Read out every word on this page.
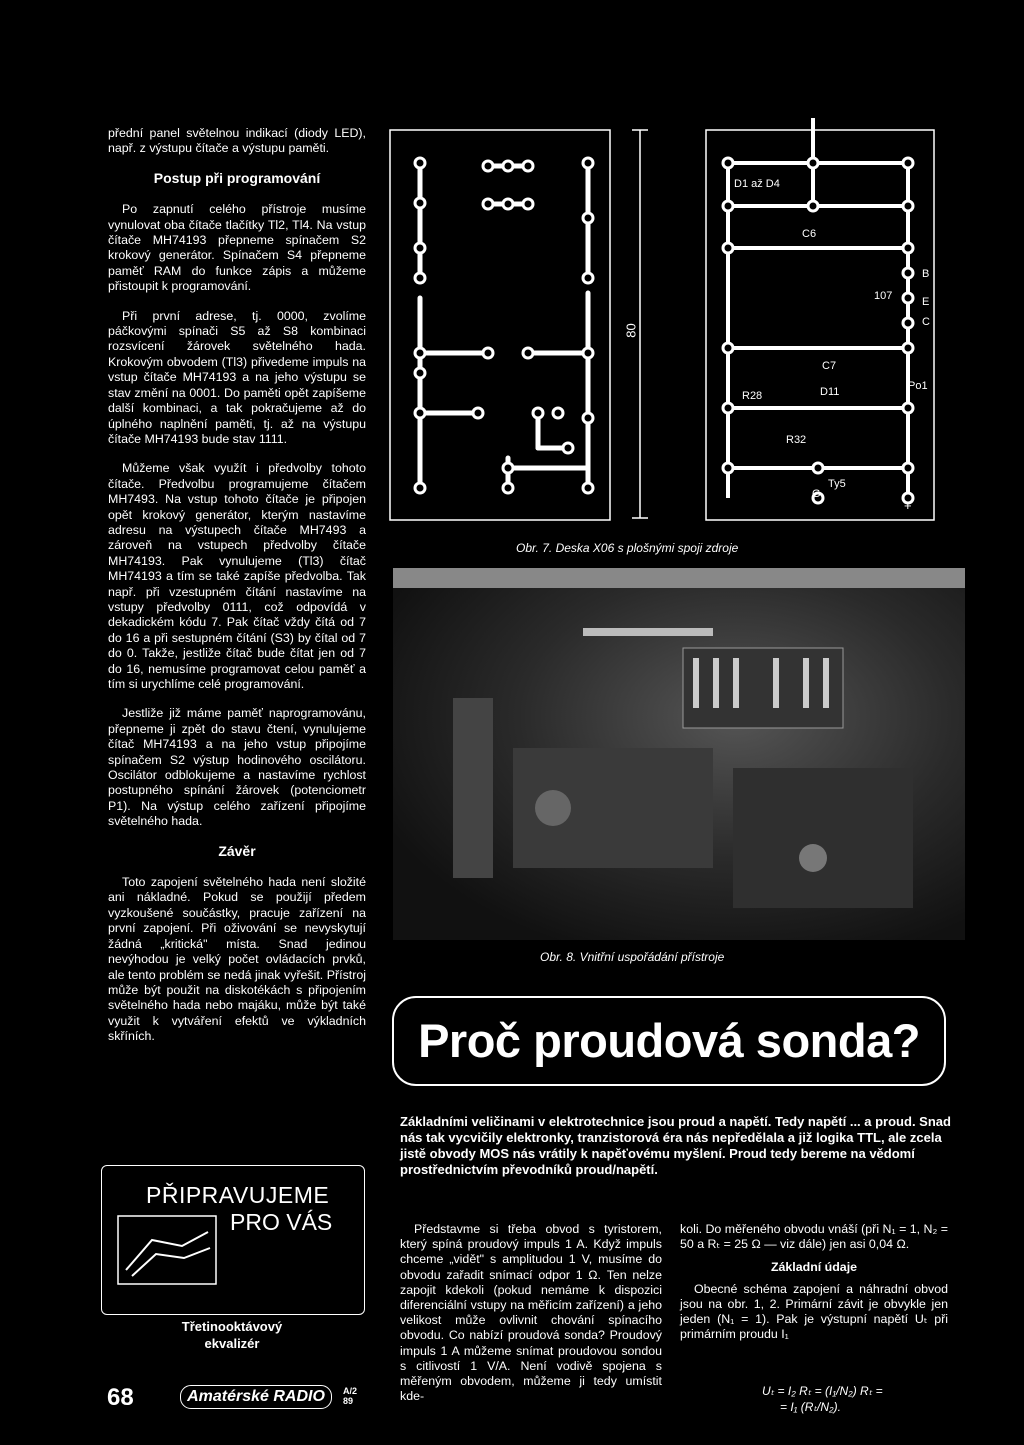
přední panel světelnou indikací (diody LED), např. z výstupu čítače a výstupu paměti.

Postup při programování

Po zapnutí celého přístroje musíme vynulovat oba čítače tlačítky Tl2, Tl4. Na vstup čítače MH74193 přepneme spínačem S2 krokový generátor. Spínačem S4 přepneme paměť RAM do funkce zápis a můžeme přistoupit k programování.

Při první adrese, tj. 0000, zvolíme páčkovými spínači S5 až S8 kombinaci rozsvícení žárovek světelného hada. Krokovým obvodem (Tl3) přivedeme impuls na vstup čítače MH74193 a na jeho výstupu se stav změní na 0001. Do paměti opět zapíšeme další kombinaci, a tak pokračujeme až do úplného naplnění paměti, tj. až na výstupu čítače MH74193 bude stav 1111.

Můžeme však využít i předvolby tohoto čítače. Předvolbu programujeme čítačem MH7493. Na vstup tohoto čítače je připojen opět krokový generátor, kterým nastavíme adresu na výstupech čítače MH7493 a zároveň na vstupech předvolby čítače MH74193. Pak vynulujeme (Tl3) čítač MH74193 a tím se také zapíše předvolba. Tak např. při vzestupném čítání nastavíme na vstupy předvolby 0111, což odpovídá v dekadickém kódu 7. Pak čítač vždy čítá od 7 do 16 a při sestupném čítání (S3) by čítal od 7 do 0. Takže, jestliže čítač bude čítat jen od 7 do 16, nemusíme programovat celou paměť a tím si urychlíme celé programování.

Jestliže již máme paměť naprogramovánu, přepneme ji zpět do stavu čtení, vynulujeme čítač MH74193 a na jeho vstup připojíme spínačem S2 výstup hodinového oscilátoru. Oscilátor odblokujeme a nastavíme rychlost postupného spínání žárovek (potenciometr P1). Na výstup celého zařízení připojíme světelného hada.

Závěr

Toto zapojení světelného hada není složité ani nákladné. Pokud se použijí předem vyzkoušené součástky, pracuje zařízení na první zapojení. Při oživování se nevyskytují žádná „kritická" místa. Snad jedinou nevýhodou je velký počet ovládacích prvků, ale tento problém se nedá jinak vyřešit. Přístroj může být použit na diskotékách s připojením světelného hada nebo majáku, může být také využit k vytváření efektů ve výkladních skříních.

D1 až D4
C6
B
107	E
C
C7
R28	D11	Po1
R32
Ty5
G
+
80
Obr. 7. Deska X06 s plošnými spoji zdroje
Obr. 8. Vnitřní uspořádání přístroje
Proč proudová sonda?
Základními veličinami v elektrotechnice jsou proud a napětí. Tedy napětí ... a proud. Snad nás tak vycvičily elektronky, tranzistorová éra nás nepředělala a již logika TTL, ale zcela jistě obvody MOS nás vrátily k napěťovému myšlení. Proud tedy bereme na vědomí prostřednictvím převodníků proud/napětí.

Představme si třeba obvod s tyristorem, který spíná proudový impuls 1 A. Když impuls chceme „vidět" s amplitudou 1 V, musíme do obvodu zařadit snímací odpor 1 Ω. Ten nelze zapojit kdekoli (pokud nemáme k dispozici diferenciální vstupy na měřicím zařízení) a jeho velikost může ovlivnit chování spínacího obvodu. Co nabízí proudová sonda? Proudový impuls 1 A můžeme snímat proudovou sondou s citlivostí 1 V/A. Není vodivě spojena s měřeným obvodem, můžeme ji tedy umístit kde-

koli. Do měřeného obvodu vnáší (při N₁ = 1, N₂ = 50 a Rₜ = 25 Ω — viz dále) jen asi 0,04 Ω.

Základní údaje

Obecné schéma zapojení a náhradní obvod jsou na obr. 1, 2. Primární závit je obvykle jen jeden (N₁ = 1). Pak je výstupní napětí Uₜ při primárním proudu I₁

Uₜ = I₂ Rₜ = (I₁/N₂) Rₜ =
= I₁ (Rₜ/N₂).
PŘIPRAVUJEME
PRO VÁS
Třetinooktávový
ekvalizér
68	Amatérské RADIO	A/2
89
